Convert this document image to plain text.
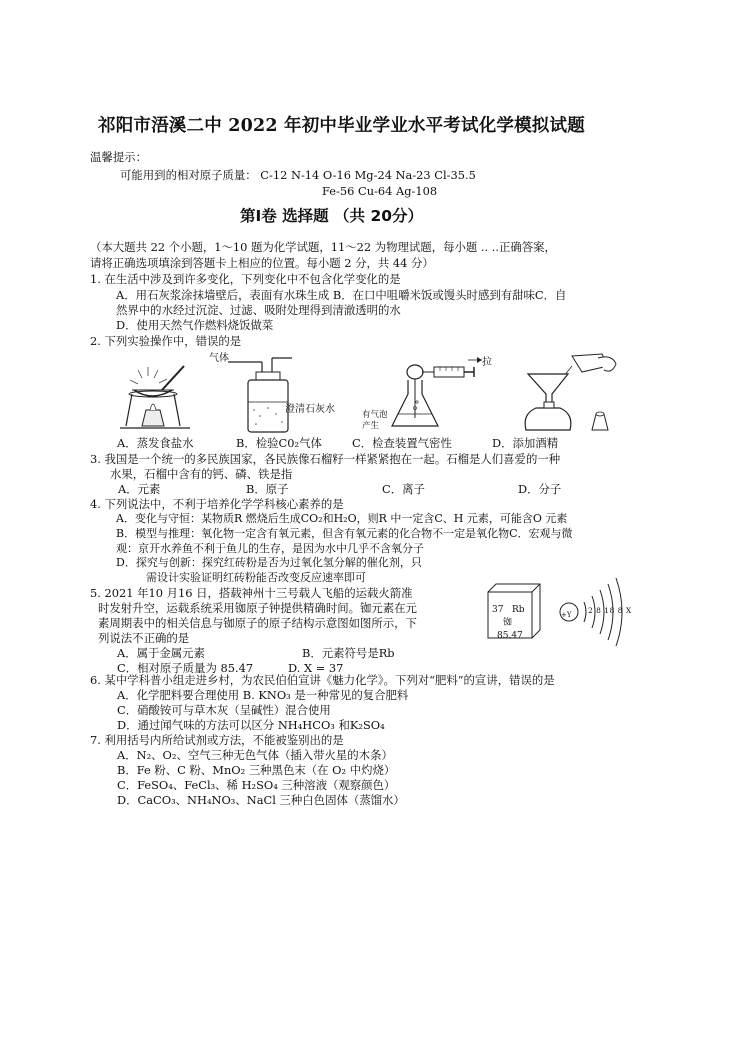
祁阳市浯溪二中 2022 年初中毕业学业水平考试化学模拟试题
温馨提示：
可能用到的相对原子质量： C-12 N-14 O-16 Mg-24 Na-23 Cl-35.5
Fe-56 Cu-64 Ag-108
第Ⅰ卷 选择题 （共 20分）
（本大题共 22 个小题，1～10 题为化学试题，11～22 为物理试题，每小题 .. ..正确答案，
请将正确选项填涂到答题卡上相应的位置。每小题 2 分，共 44 分）
1. 在生活中涉及到许多变化，下列变化中不包含化学变化的是
A．用石灰浆涂抹墙壁后，表面有水珠生成 B．在口中咀嚼米饭或馒头时感到有甜味C．自
然界中的水经过沉淀、过滤、吸附处理得到清澈透明的水
D．使用天然气作燃料烧饭做菜
2. 下列实验操作中，错误的是
气体
澄清石灰水
拉
有气泡产生
A．蒸发食盐水	B．检验C0₂气体	C．检查装置气密性	D．添加酒精
3. 我国是一个统一的多民族国家，各民族像石榴籽一样紧紧抱在一起。石榴是人们喜爱的一种
水果，石榴中含有的钙、磷、铁是指
A．元素	B．原子	C．离子	D．分子
4. 下列说法中，不利于培养化学学科核心素养的是
A．变化与守恒：某物质R 燃烧后生成CO₂和H₂O，则R 中一定含C、H 元素，可能含O 元素
B．模型与推理：氧化物一定含有氧元素，但含有氧元素的化合物不一定是氧化物C．宏观与微
观：京开水养鱼不利于鱼儿的生存，是因为水中几乎不含氧分子
D．探究与创新：探究红砖粉是否为过氧化氢分解的催化剂，只
需设计实验证明红砖粉能否改变反应速率即可
5. 2021 年10 月16 日，搭载神州十三号载人飞船的运载火箭准
时发射升空，运载系统采用铷原子钟提供精确时间。铷元素在元
素周期表中的相关信息与铷原子的原子结构示意图如图所示，下
列说法不正确的是
A．属于金属元素	B．元素符号是Rb
C．相对原子质量为 85.47	D. X = 37
37 Rb
铷
85.47
+Y 2 8 18 8 X
6. 某中学科普小组走进乡村，为农民伯伯宣讲《魅力化学》。下列对“肥料”的宣讲，错误的是
A．化学肥料要合理使用 B. KNO₃ 是一种常见的复合肥料
C．硝酸铵可与草木灰（呈碱性）混合使用
D．通过闻气味的方法可以区分 NH₄HCO₃ 和K₂SO₄
7. 利用括号内所给试剂或方法，不能被鉴别出的是
A．N₂、O₂、空气三种无色气体（插入带火星的木条）
B．Fe 粉、C 粉、MnO₂ 三种黑色末（在 O₂ 中灼烧）
C．FeSO₄、FeCl₃、稀 H₂SO₄ 三种溶液（观察颜色）
D．CaCO₃、NH₄NO₃、NaCl 三种白色固体（蒸馏水）
